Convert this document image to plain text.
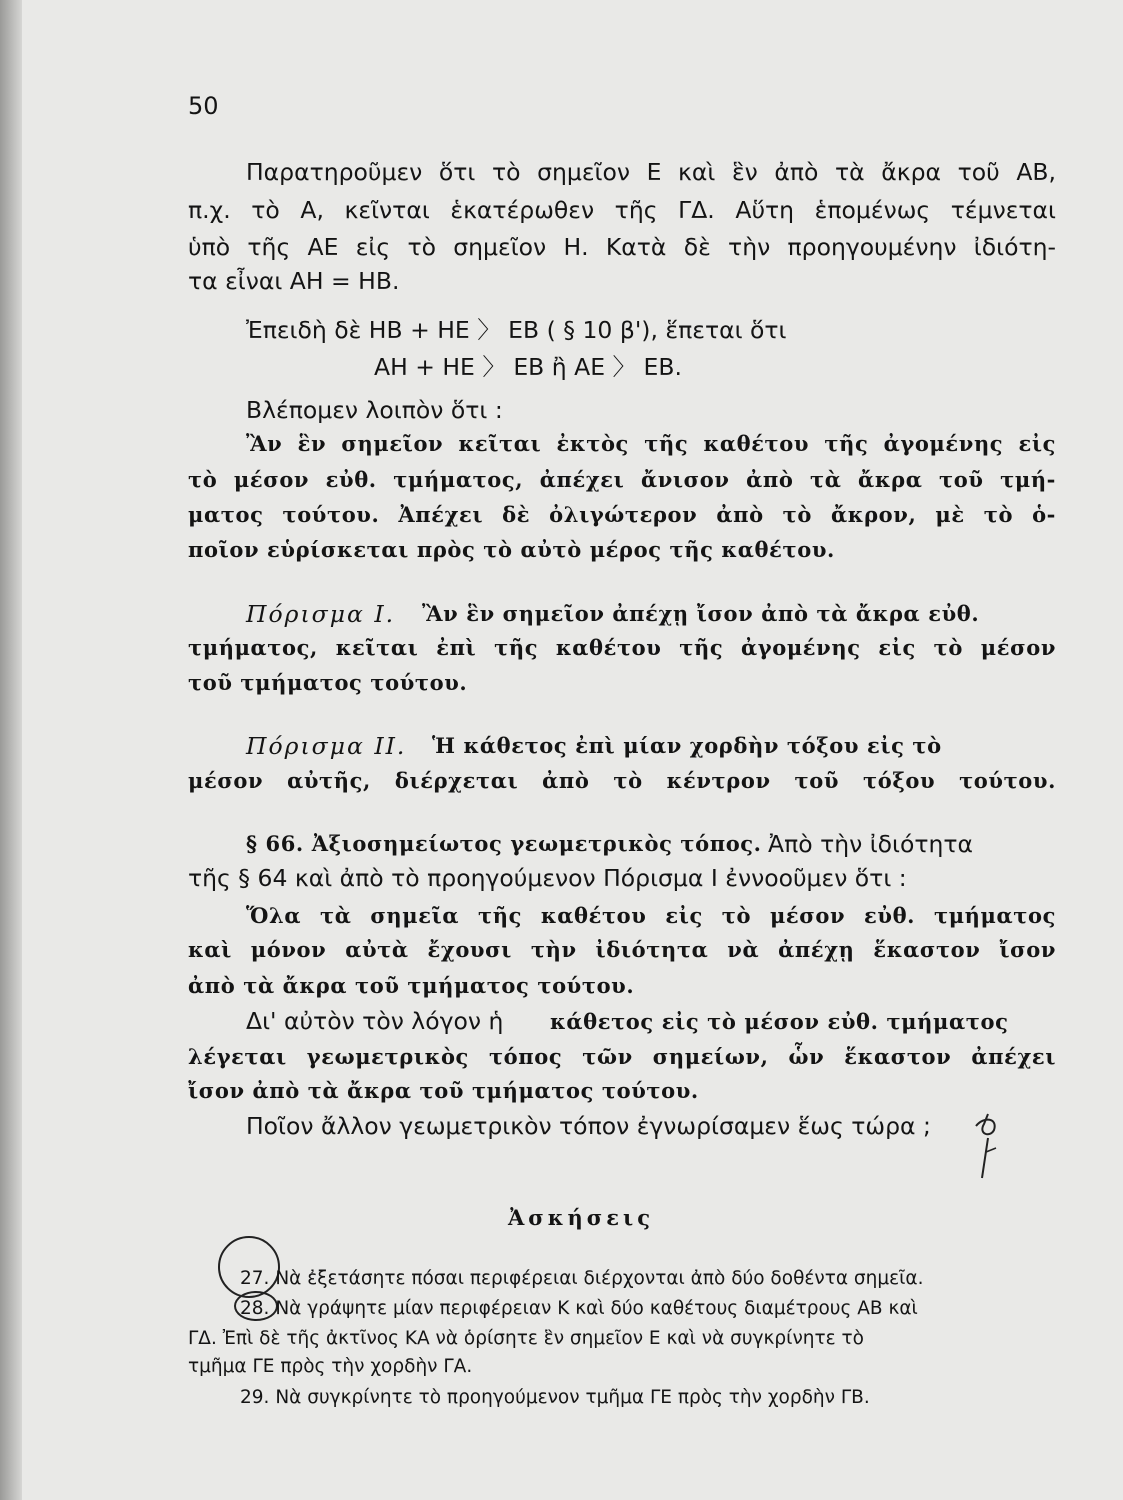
50
Παρατηροῦμεν ὅτι τὸ σημεῖον Ε καὶ ἓν ἀπὸ τὰ ἄκρα τοῦ ΑΒ,
π.χ. τὸ Α, κεῖνται ἑκατέρωθεν τῆς ΓΔ. Αὕτη ἑπομένως τέμνεται
ὑπὸ τῆς ΑΕ εἰς τὸ σημεῖον Η. Κατὰ δὲ τὴν προηγουμένην ἰδιότη-
τα εἶναι ΑΗ = ΗΒ.
Ἐπειδὴ δὲ ΗΒ + ΗΕ 〉 ΕΒ ( § 10 β'), ἕπεται ὅτι
ΑΗ + ΗΕ 〉 ΕΒ ἢ ΑΕ 〉 ΕΒ.
Βλέπομεν λοιπὸν ὅτι :
Ἂν ἓν σημεῖον κεῖται ἐκτὸς τῆς καθέτου τῆς ἀγομένης εἰς
τὸ μέσον εὐθ. τμήματος, ἀπέχει ἄνισον ἀπὸ τὰ ἄκρα τοῦ τμή-
ματος τούτου. Ἀπέχει δὲ ὀλιγώτερον ἀπὸ τὸ ἄκρον, μὲ τὸ ὁ-
ποῖον εὑρίσκεται πρὸς τὸ αὐτὸ μέρος τῆς καθέτου.
Πόρισμα Ι. Ἂν ἓν σημεῖον ἀπέχῃ ἴσον ἀπὸ τὰ ἄκρα εὐθ.
τμήματος, κεῖται ἐπὶ τῆς καθέτου τῆς ἀγομένης εἰς τὸ μέσον
τοῦ τμήματος τούτου.
Πόρισμα ΙΙ. Ἡ κάθετος ἐπὶ μίαν χορδὴν τόξου εἰς τὸ
μέσον αὐτῆς, διέρχεται ἀπὸ τὸ κέντρον τοῦ τόξου τούτου.
§ 66. Ἀξιοσημείωτος γεωμετρικὸς τόπος. Ἀπὸ τὴν ἰδιότητα
τῆς § 64 καὶ ἀπὸ τὸ προηγούμενον Πόρισμα Ι ἐννοοῦμεν ὅτι :
Ὅλα τὰ σημεῖα τῆς καθέτου εἰς τὸ μέσον εὐθ. τμήματος
καὶ μόνον αὐτὰ ἔχουσι τὴν ἰδιότητα νὰ ἀπέχῃ ἕκαστον ἴσον
ἀπὸ τὰ ἄκρα τοῦ τμήματος τούτου.
Δι' αὐτὸν τὸν λόγον ἡ κάθετος εἰς τὸ μέσον εὐθ. τμήματος
λέγεται γεωμετρικὸς τόπος τῶν σημείων, ὧν ἕκαστον ἀπέχει
ἴσον ἀπὸ τὰ ἄκρα τοῦ τμήματος τούτου.
Ποῖον ἄλλον γεωμετρικὸν τόπον ἐγνωρίσαμεν ἕως τώρα ;
Ἀσκήσεις
27. Νὰ ἐξετάσητε πόσαι περιφέρειαι διέρχονται ἀπὸ δύο δοθέντα σημεῖα.
28. Νὰ γράψητε μίαν περιφέρειαν Κ καὶ δύο καθέτους διαμέτρους ΑΒ καὶ
ΓΔ. Ἐπὶ δὲ τῆς ἀκτῖνος ΚΑ νὰ ὁρίσητε ἓν σημεῖον Ε καὶ νὰ συγκρίνητε τὸ
τμῆμα ΓΕ πρὸς τὴν χορδὴν ΓΑ.
29. Νὰ συγκρίνητε τὸ προηγούμενον τμῆμα ΓΕ πρὸς τὴν χορδὴν ΓΒ.
